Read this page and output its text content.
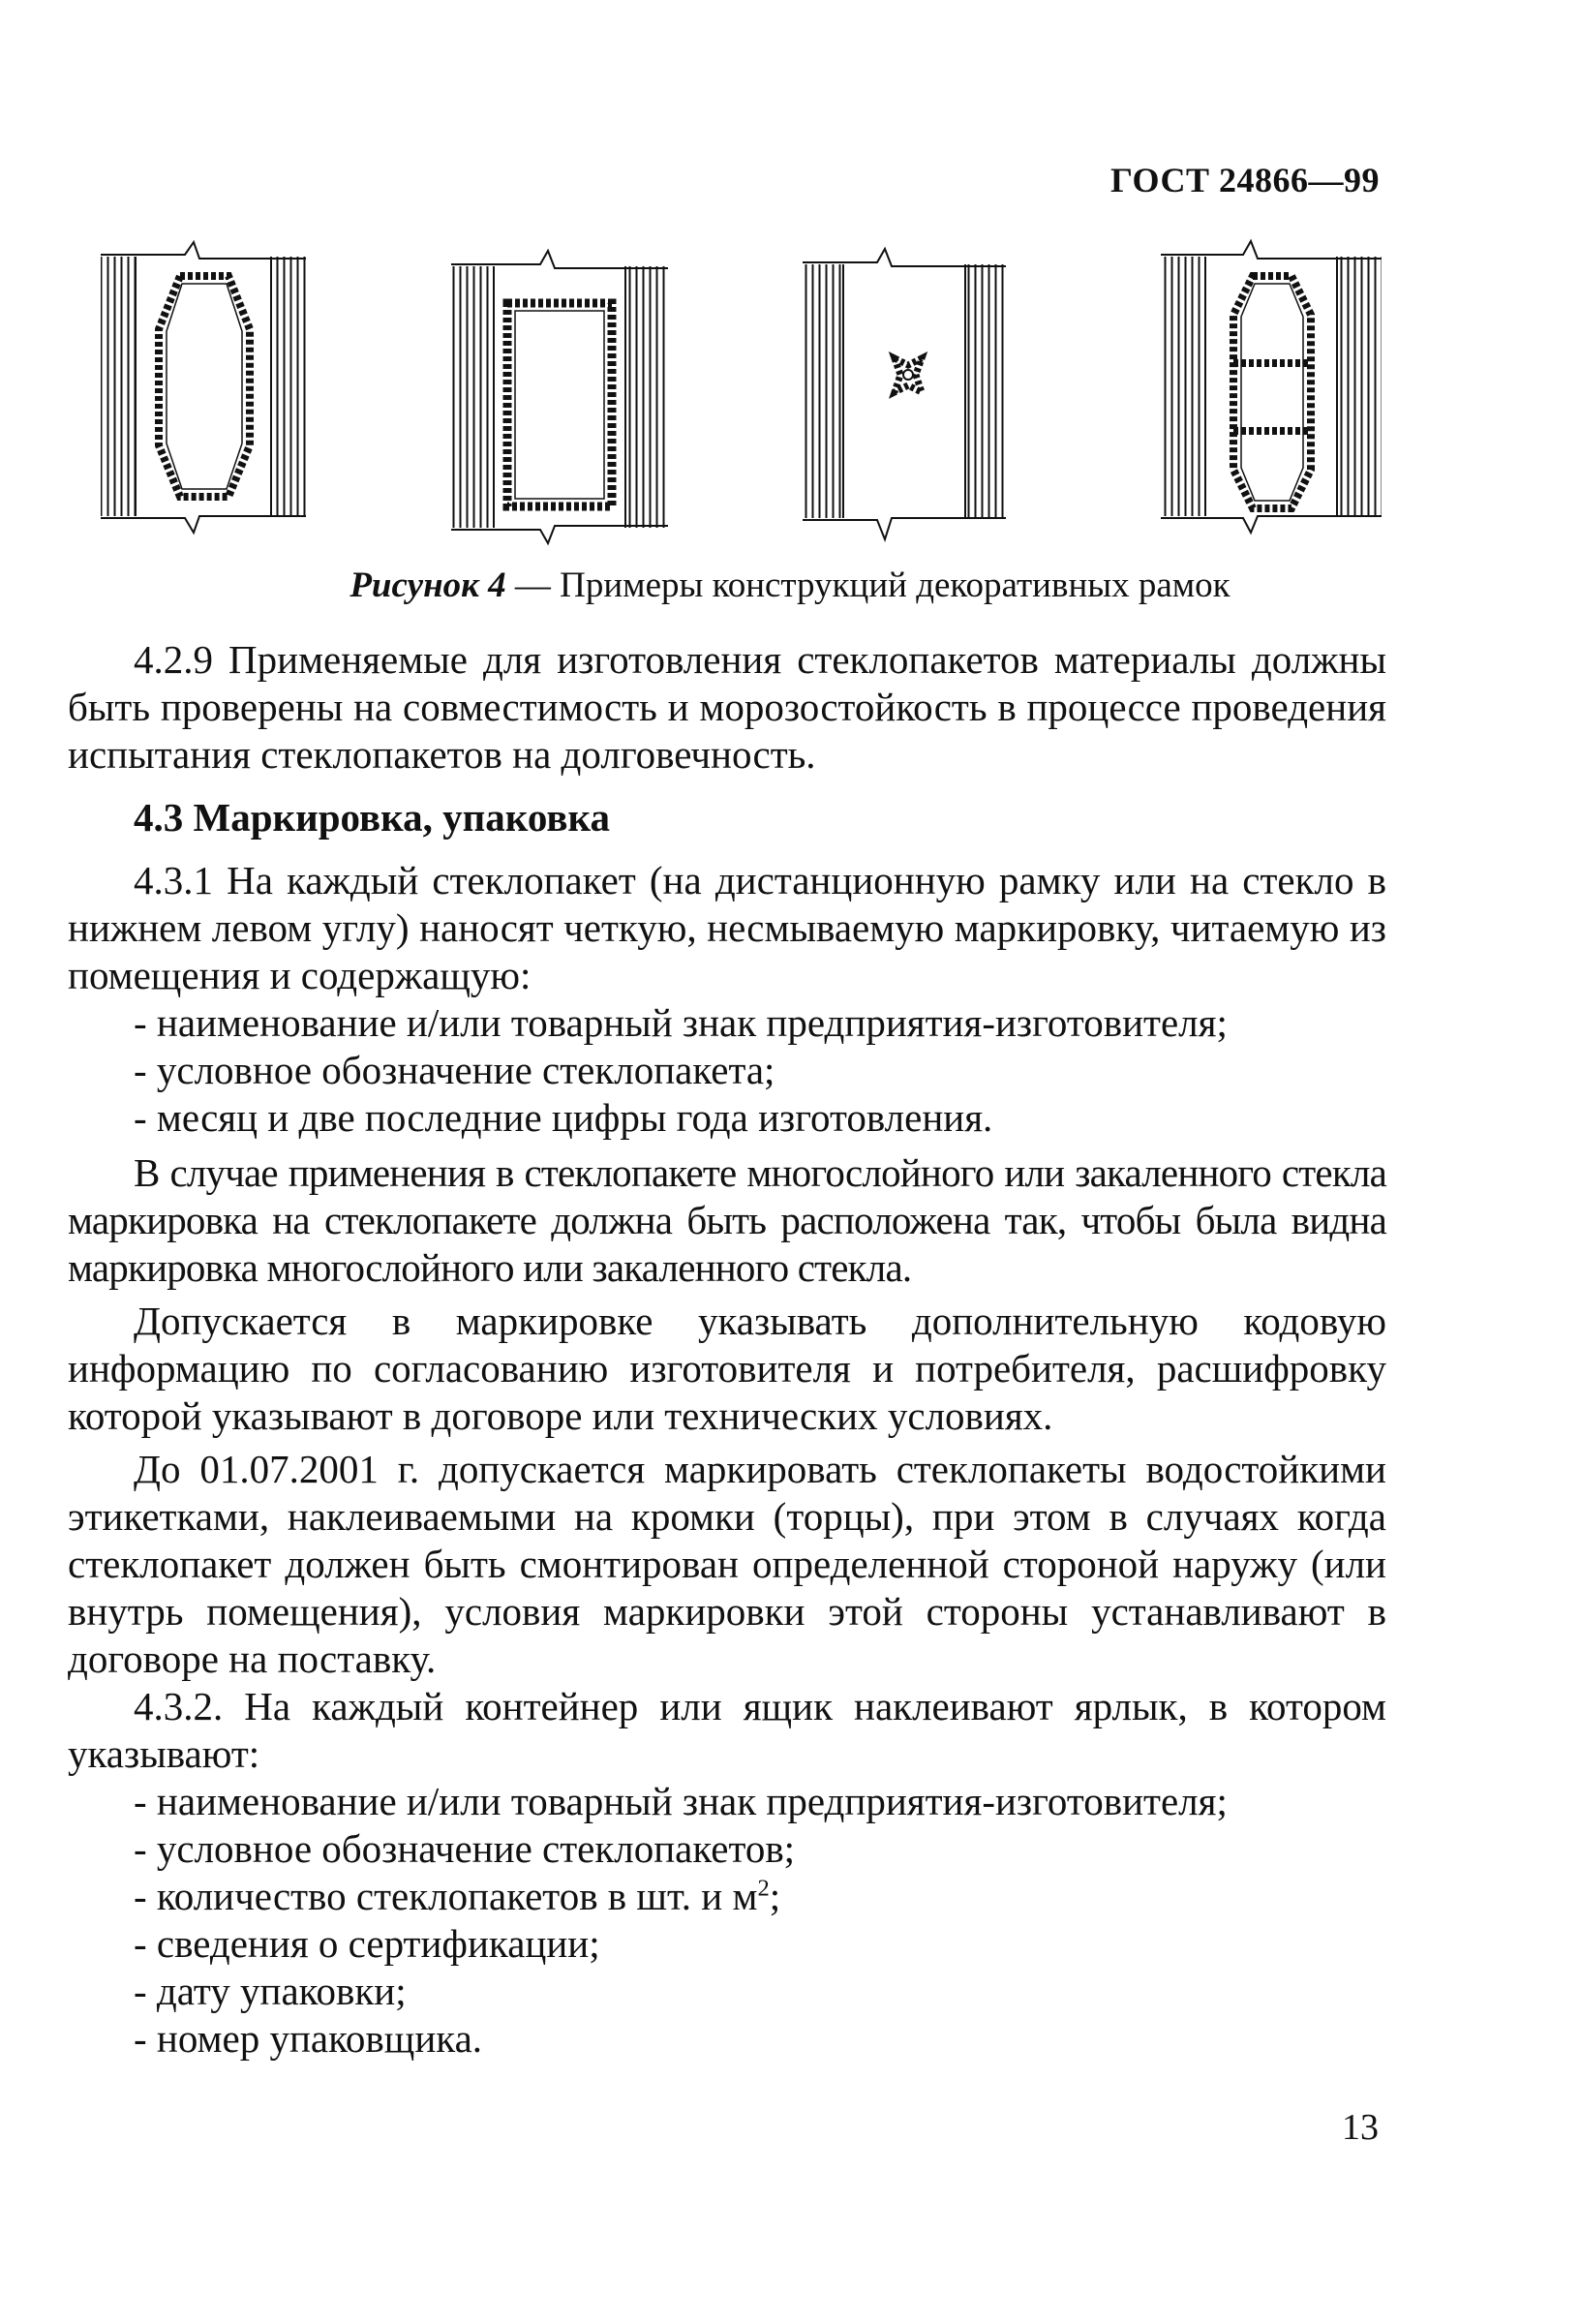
ГОСТ 24866—99
Рисунок 4 — Примеры конструкций декоративных рамок

4.2.9 Применяемые для изготовления стеклопакетов материалы должны быть проверены на совместимость и морозостойкость в процессе проведения испытания стеклопакетов на долговечность.

4.3 Маркировка, упаковка

4.3.1 На каждый стеклопакет (на дистанционную рамку или на стекло в нижнем левом углу) наносят четкую, несмываемую маркировку, читаемую из помещения и содержащую:

- наименование и/или товарный знак предприятия-изготовителя;
- условное обозначение стеклопакета;
- месяц и две последние цифры года изготовления.

В случае применения в стеклопакете многослойного или закаленного стекла маркировка на стеклопакете должна быть расположена так, чтобы была видна маркировка многослойного или закаленного стекла.

Допускается в маркировке указывать дополнительную кодовую информацию по согласованию изготовителя и потребителя, расшифровку которой указывают в договоре или технических условиях.

До 01.07.2001 г. допускается маркировать стеклопакеты водостойкими этикетками, наклеиваемыми на кромки (торцы), при этом в случаях когда стеклопакет должен быть смонтирован определенной стороной наружу (или внутрь помещения), условия маркировки этой стороны устанавливают в договоре на поставку.

4.3.2. На каждый контейнер или ящик наклеивают ярлык, в котором указывают:

- наименование и/или товарный знак предприятия-изготовителя;
- условное обозначение стеклопакетов;
- количество стеклопакетов в шт. и $м^2$;
- сведения о сертификации;
- дату упаковки;
- номер упаковщика.
13
